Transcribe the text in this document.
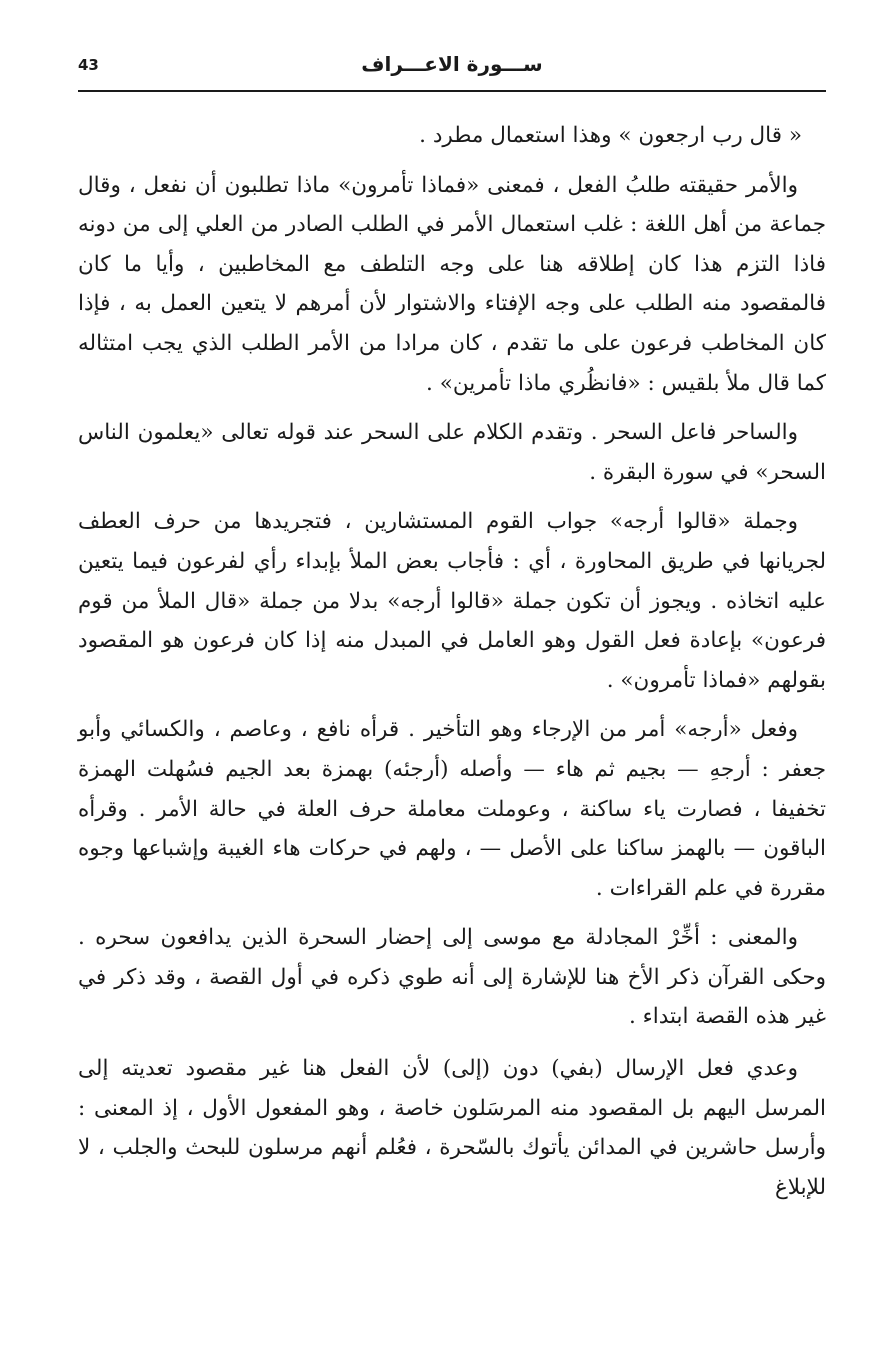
43	ســـورة الاعـــراف

« قال رب ارجعون » وهذا استعمال مطرد .

والأمر حقيقته طلبُ الفعل ، فمعنى «فماذا تأمرون» ماذا تطلبون أن نفعل ، وقال جماعة من أهل اللغة : غلب استعمال الأمر في الطلب الصادر من العلي إلى من دونه فاذا التزم هذا كان إطلاقه هنا على وجه التلطف مع المخاطبين ، وأيا ما كان فالمقصود منه الطلب على وجه الإفتاء والاشتوار لأن أمرهم لا يتعين العمل به ، فإذا كان المخاطب فرعون على ما تقدم ، كان مرادا من الأمر الطلب الذي يجب امتثاله كما قال ملأ بلقيس : «فانظُري ماذا تأمرين» .

والساحر فاعل السحر . وتقدم الكلام على السحر عند قوله تعالى «يعلمون الناس السحر» في سورة البقرة .

وجملة «قالوا أرجه» جواب القوم المستشارين ، فتجريدها من حرف العطف لجريانها في طريق المحاورة ، أي : فأجاب بعض الملأ بإبداء رأي لفرعون فيما يتعين عليه اتخاذه . ويجوز أن تكون جملة «قالوا أرجه» بدلا من جملة «قال الملأ من قوم فرعون» بإعادة فعل القول وهو العامل في المبدل منه إذا كان فرعون هو المقصود بقولهم «فماذا تأمرون» .

وفعل «أرجه» أمر من الإرجاء وهو التأخير . قرأه نافع ، وعاصم ، والكسائي وأبو جعفر : أرجهِ — بجيم ثم هاء — وأصله (أرجئه) بهمزة بعد الجيم فسُهلت الهمزة تخفيفا ، فصارت ياء ساكنة ، وعوملت معاملة حرف العلة في حالة الأمر . وقرأه الباقون — بالهمز ساكنا على الأصل — ، ولهم في حركات هاء الغيبة وإشباعها وجوه مقررة في علم القراءات .

والمعنى : أخِّرْ المجادلة مع موسى إلى إحضار السحرة الذين يدافعون سحره . وحكى القرآن ذكر الأخ هنا للإشارة إلى أنه طوي ذكره في أول القصة ، وقد ذكر في غير هذه القصة ابتداء .

وعدي فعل الإرسال (بفي) دون (إلى) لأن الفعل هنا غير مقصود تعديته إلى المرسل اليهم بل المقصود منه المرسَلون خاصة ، وهو المفعول الأول ، إذ المعنى : وأرسل حاشرين في المدائن يأتوك بالسّحرة ، فعُلم أنهم مرسلون للبحث والجلب ، لا للإبلاغ
